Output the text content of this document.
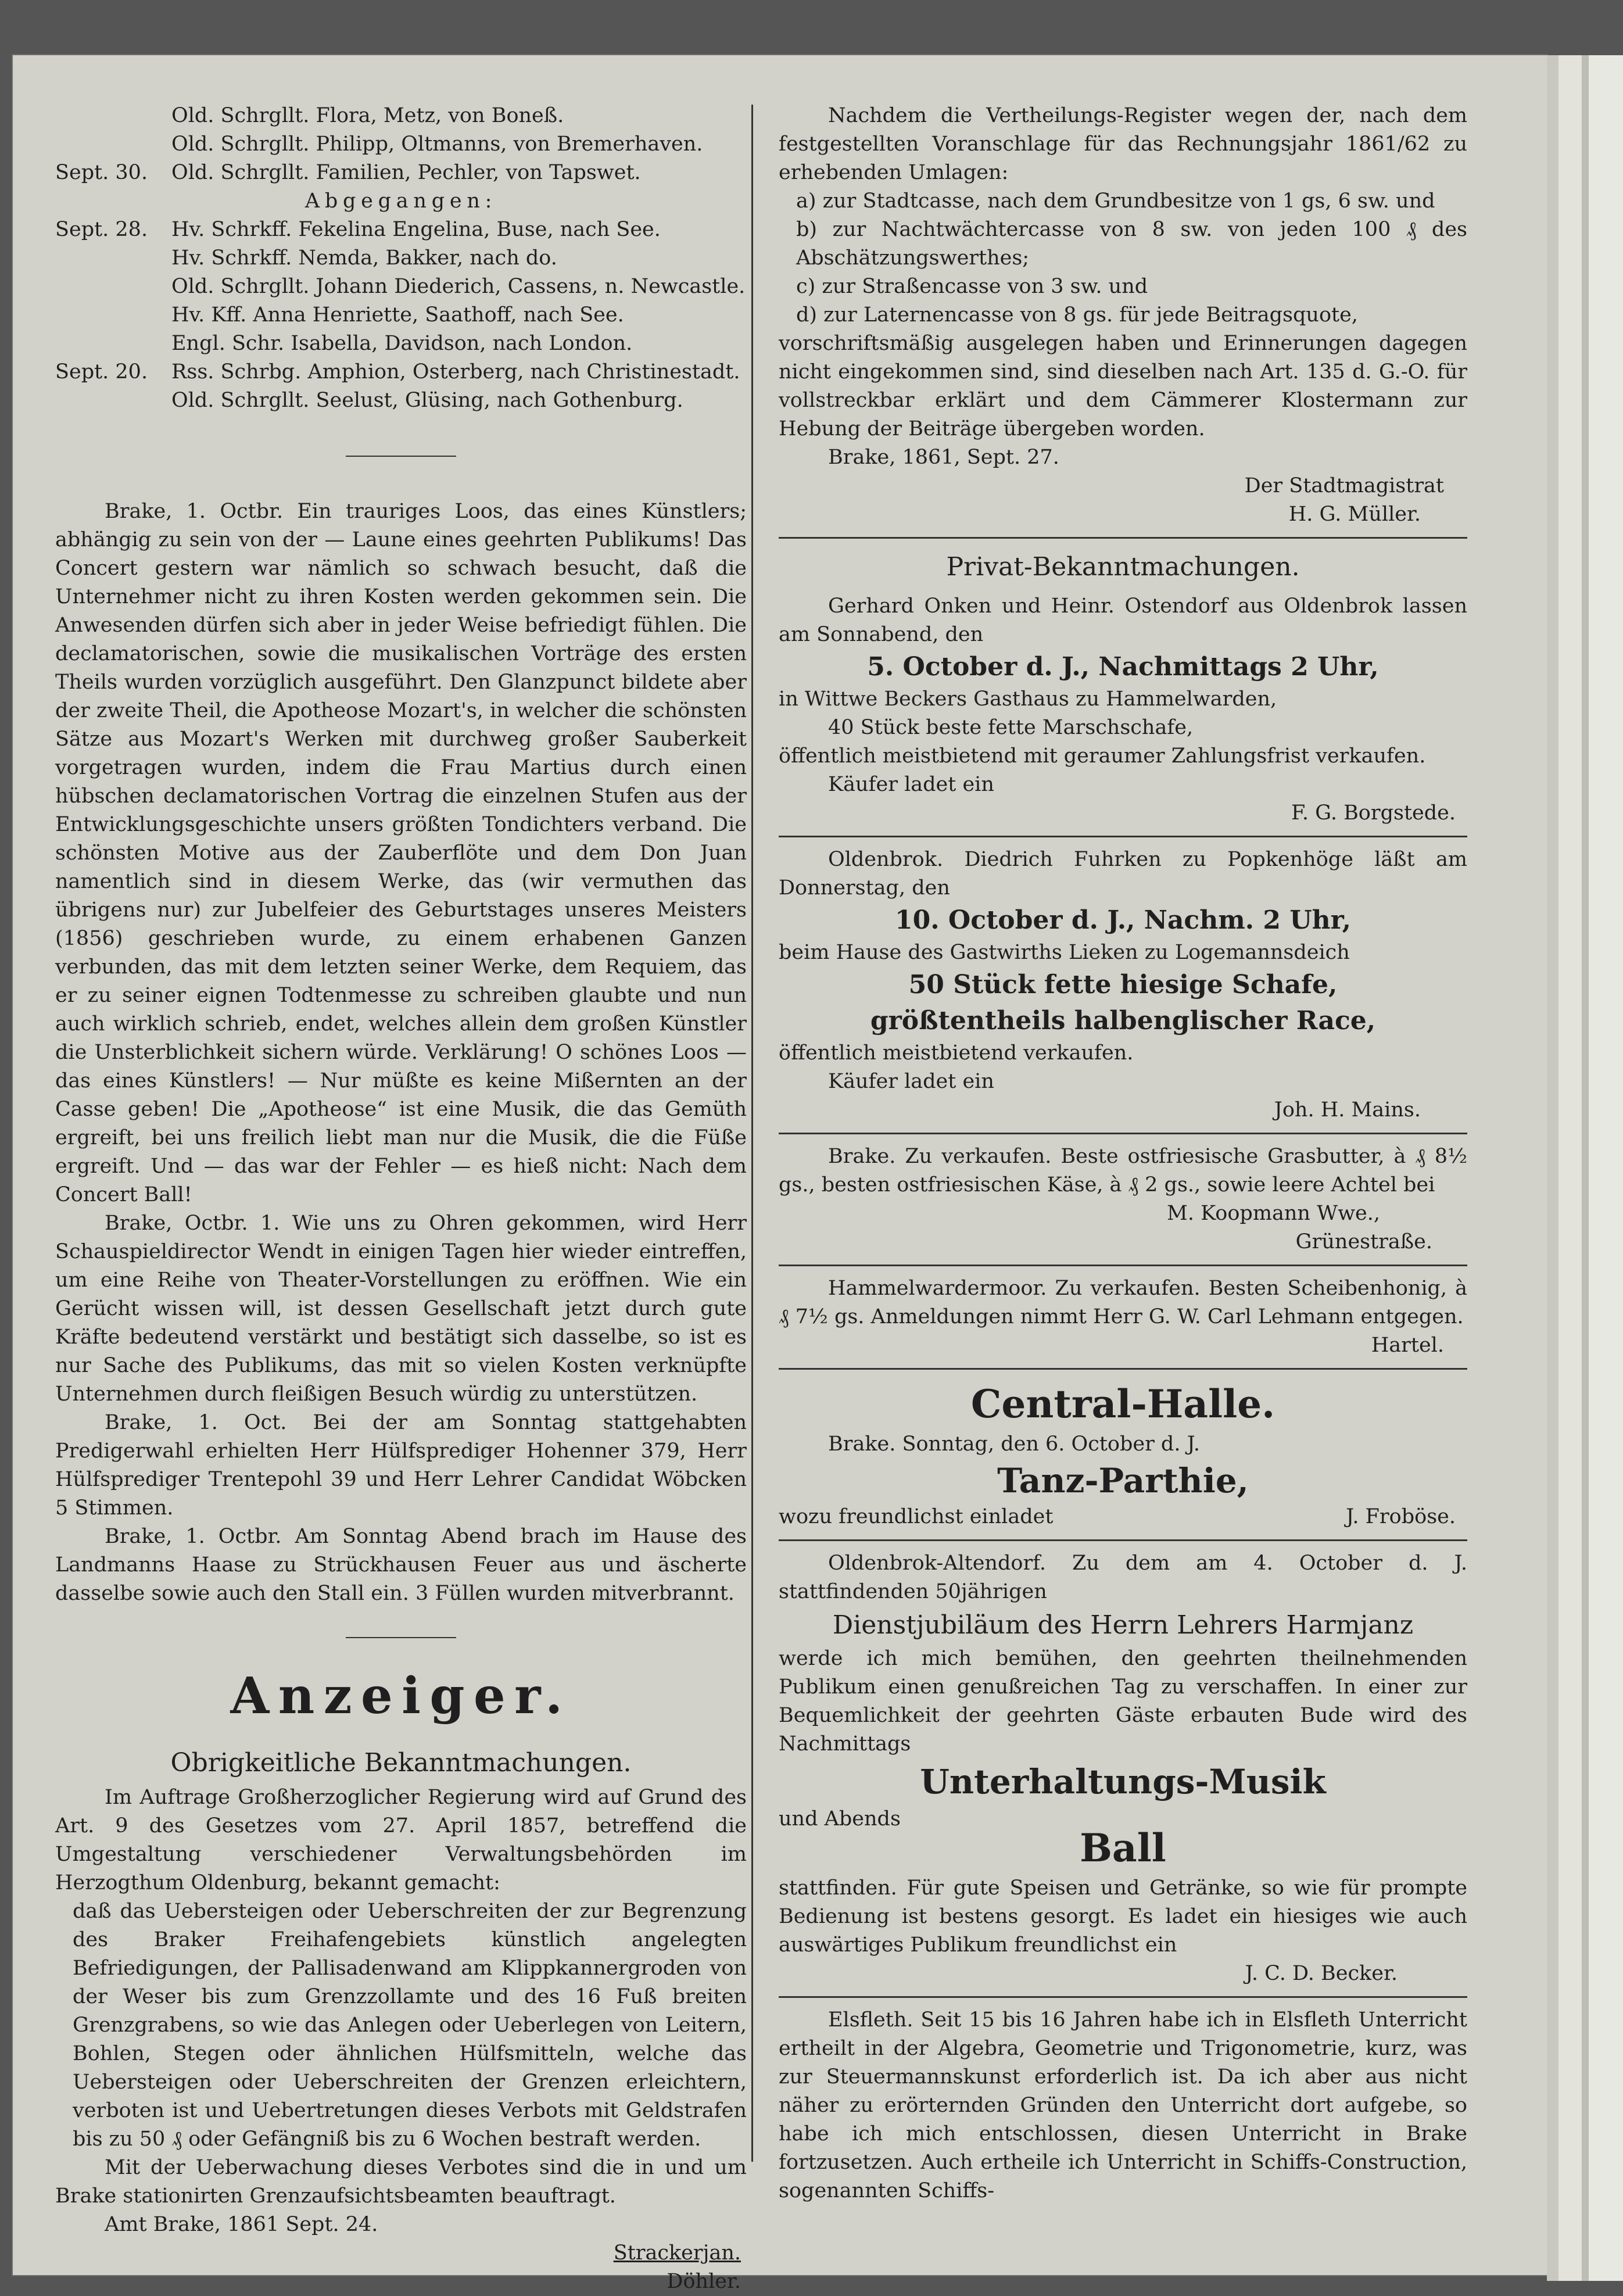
Old. Schrgllt. Flora, Metz, von Boneß.
Old. Schrgllt. Philipp, Oltmanns, von Bremerhaven.
Sept. 30.	Old. Schrgllt. Familien, Pechler, von Tapswet.

Abgegangen:

Sept. 28.	Hv. Schrkff. Fekelina Engelina, Buse, nach See.
Hv. Schrkff. Nemda, Bakker, nach do.
Old. Schrgllt. Johann Diederich, Cassens, n. Newcastle.
Hv. Kff. Anna Henriette, Saathoff, nach See.
Engl. Schr. Isabella, Davidson, nach London.
Sept. 20.	Rss. Schrbg. Amphion, Osterberg, nach Christinestadt.
Old. Schrgllt. Seelust, Glüsing, nach Gothenburg.

Brake, 1. Octbr. Ein trauriges Loos, das eines Künstlers; abhängig zu sein von der — Laune eines geehrten Publikums! Das Concert gestern war nämlich so schwach besucht, daß die Unternehmer nicht zu ihren Kosten werden gekommen sein. Die Anwesenden dürfen sich aber in jeder Weise befriedigt fühlen. Die declamatorischen, sowie die musikalischen Vorträge des ersten Theils wurden vorzüglich ausgeführt. Den Glanzpunct bildete aber der zweite Theil, die Apotheose Mozart's, in welcher die schönsten Sätze aus Mozart's Werken mit durchweg großer Sauberkeit vorgetragen wurden, indem die Frau Martius durch einen hübschen declamatorischen Vortrag die einzelnen Stufen aus der Entwicklungsgeschichte unsers größten Tondichters verband. Die schönsten Motive aus der Zauberflöte und dem Don Juan namentlich sind in diesem Werke, das (wir vermuthen das übrigens nur) zur Jubelfeier des Geburtstages unseres Meisters (1856) geschrieben wurde, zu einem erhabenen Ganzen verbunden, das mit dem letzten seiner Werke, dem Requiem, das er zu seiner eignen Todtenmesse zu schreiben glaubte und nun auch wirklich schrieb, endet, welches allein dem großen Künstler die Unsterblichkeit sichern würde. Verklärung! O schönes Loos — das eines Künstlers! — Nur müßte es keine Mißernten an der Casse geben! Die „Apotheose“ ist eine Musik, die das Gemüth ergreift, bei uns freilich liebt man nur die Musik, die die Füße ergreift. Und — das war der Fehler — es hieß nicht: Nach dem Concert Ball!

Brake, Octbr. 1. Wie uns zu Ohren gekommen, wird Herr Schauspieldirector Wendt in einigen Tagen hier wieder eintreffen, um eine Reihe von Theater-Vorstellungen zu eröffnen. Wie ein Gerücht wissen will, ist dessen Gesellschaft jetzt durch gute Kräfte bedeutend verstärkt und bestätigt sich dasselbe, so ist es nur Sache des Publikums, das mit so vielen Kosten verknüpfte Unternehmen durch fleißigen Besuch würdig zu unterstützen.

Brake, 1. Oct. Bei der am Sonntag stattgehabten Predigerwahl erhielten Herr Hülfsprediger Hohenner 379, Herr Hülfsprediger Trentepohl 39 und Herr Lehrer Candidat Wöbcken 5 Stimmen.

Brake, 1. Octbr. Am Sonntag Abend brach im Hause des Landmanns Haase zu Strückhausen Feuer aus und äscherte dasselbe sowie auch den Stall ein. 3 Füllen wurden mitverbrannt.

Anzeiger.

Obrigkeitliche Bekanntmachungen.

Im Auftrage Großherzoglicher Regierung wird auf Grund des Art. 9 des Gesetzes vom 27. April 1857, betreffend die Umgestaltung verschiedener Verwaltungsbehörden im Herzogthum Oldenburg, bekannt gemacht:

daß das Uebersteigen oder Ueberschreiten der zur Begrenzung des Braker Freihafengebiets künstlich angelegten Befriedigungen, der Pallisadenwand am Klippkannergroden von der Weser bis zum Grenzzollamte und des 16 Fuß breiten Grenzgrabens, so wie das Anlegen oder Ueberlegen von Leitern, Bohlen, Stegen oder ähnlichen Hülfsmitteln, welche das Uebersteigen oder Ueberschreiten der Grenzen erleichtern, verboten ist und Uebertretungen dieses Verbots mit Geldstrafen bis zu 50 ₰ oder Gefängniß bis zu 6 Wochen bestraft werden.

Mit der Ueberwachung dieses Verbotes sind die in und um Brake stationirten Grenzaufsichtsbeamten beauftragt.

Amt Brake, 1861 Sept. 24.

Strackerjan.

Döhler.

Nachdem die Vertheilungs-Register wegen der, nach dem festgestellten Voranschlage für das Rechnungsjahr 1861/62 zu erhebenden Umlagen:

a) zur Stadtcasse, nach dem Grundbesitze von 1 gs, 6 sw. und

b) zur Nachtwächtercasse von 8 sw. von jeden 100 ₰ des Abschätzungswerthes;

c) zur Straßencasse von 3 sw. und

d) zur Laternencasse von 8 gs. für jede Beitragsquote,

vorschriftsmäßig ausgelegen haben und Erinnerungen dagegen nicht eingekommen sind, sind dieselben nach Art. 135 d. G.-O. für vollstreckbar erklärt und dem Cämmerer Klostermann zur Hebung der Beiträge übergeben worden.

Brake, 1861, Sept. 27.

Der Stadtmagistrat

H. G. Müller.

Privat-Bekanntmachungen.

Gerhard Onken und Heinr. Ostendorf aus Oldenbrok lassen am Sonnabend, den

5. October d. J., Nachmittags 2 Uhr,

in Wittwe Beckers Gasthaus zu Hammelwarden,

40 Stück beste fette Marschschafe,

öffentlich meistbietend mit geraumer Zahlungsfrist verkaufen.

Käufer ladet ein

F. G. Borgstede.

Oldenbrok. Diedrich Fuhrken zu Popkenhöge läßt am Donnerstag, den

10. October d. J., Nachm. 2 Uhr,

beim Hause des Gastwirths Lieken zu Logemannsdeich

50 Stück fette hiesige Schafe,

größtentheils halbenglischer Race,

öffentlich meistbietend verkaufen.

Käufer ladet ein

Joh. H. Mains.

Brake. Zu verkaufen. Beste ostfriesische Grasbutter, à ₰ 8½ gs., besten ostfriesischen Käse, à ₰ 2 gs., sowie leere Achtel bei

M. Koopmann Wwe.,

Grünestraße.

Hammelwardermoor. Zu verkaufen. Besten Scheibenhonig, à ₰ 7½ gs. Anmeldungen nimmt Herr G. W. Carl Lehmann entgegen.

Hartel.

Central-Halle.

Brake. Sonntag, den 6. October d. J.

Tanz-Parthie,

wozu freundlichst einladet	J. Froböse.

Oldenbrok-Altendorf. Zu dem am 4. October d. J. stattfindenden 50jährigen

Dienstjubiläum des Herrn Lehrers Harmjanz

werde ich mich bemühen, den geehrten theilnehmenden Publikum einen genußreichen Tag zu verschaffen. In einer zur Bequemlichkeit der geehrten Gäste erbauten Bude wird des Nachmittags

Unterhaltungs-Musik

und Abends

Ball

stattfinden. Für gute Speisen und Getränke, so wie für prompte Bedienung ist bestens gesorgt. Es ladet ein hiesiges wie auch auswärtiges Publikum freundlichst ein

J. C. D. Becker.

Elsfleth. Seit 15 bis 16 Jahren habe ich in Elsfleth Unterricht ertheilt in der Algebra, Geometrie und Trigonometrie, kurz, was zur Steuermannskunst erforderlich ist. Da ich aber aus nicht näher zu erörternden Gründen den Unterricht dort aufgebe, so habe ich mich entschlossen, diesen Unterricht in Brake fortzusetzen. Auch ertheile ich Unterricht in Schiffs-Construction, sogenannten Schiffs-
